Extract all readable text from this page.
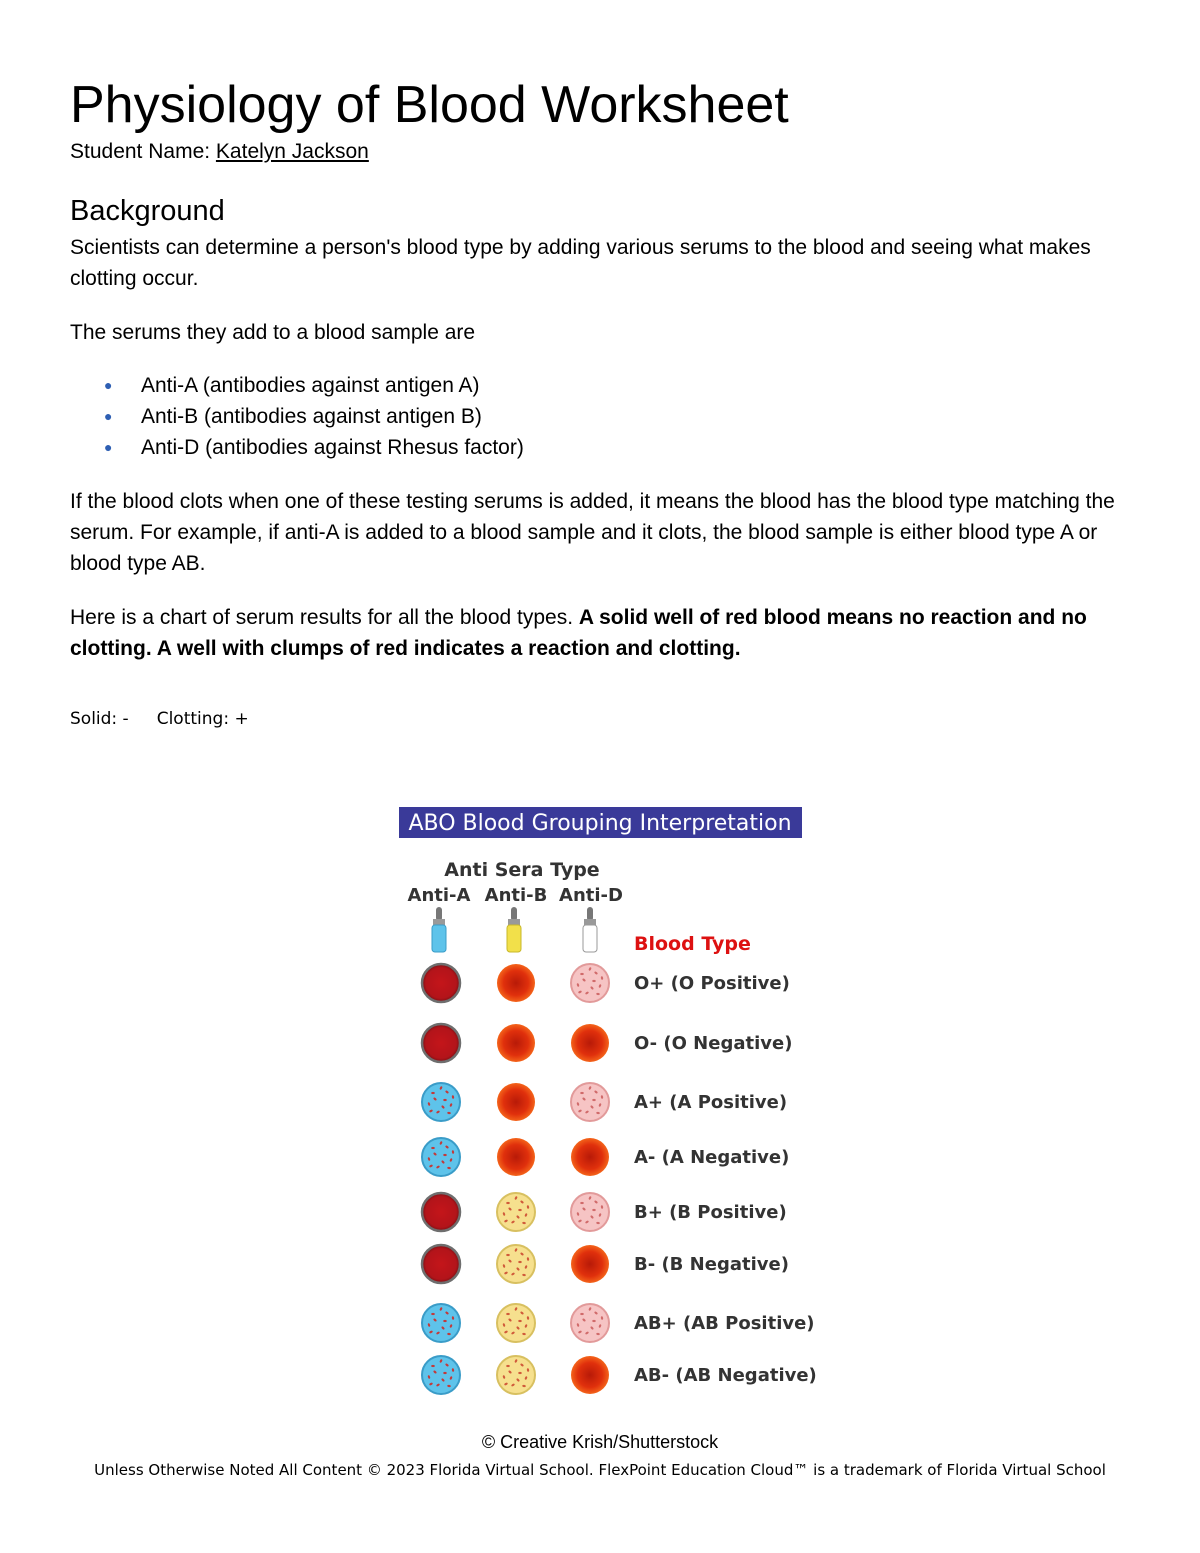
Physiology of Blood Worksheet
Student Name: Katelyn Jackson
Background
Scientists can determine a person's blood type by adding various serums to the blood and seeing what makes clotting occur.
The serums they add to a blood sample are
● Anti-A (antibodies against antigen A)
● Anti-B (antibodies against antigen B)
● Anti-D (antibodies against Rhesus factor)
If the blood clots when one of these testing serums is added, it means the blood has the blood type matching the serum. For example, if anti-A is added to a blood sample and it clots, the blood sample is either blood type A or blood type AB.
Here is a chart of serum results for all the blood types. A solid well of red blood means no reaction and no clotting. A well with clumps of red indicates a reaction and clotting.
Solid: - Clotting: +
ABO Blood Grouping Interpretation
Anti Sera Type
Anti-A Anti-B Anti-D
Blood Type
O+ (O Positive)
O- (O Negative)
A+ (A Positive)
A- (A Negative)
B+ (B Positive)
B- (B Negative)
AB+ (AB Positive)
AB- (AB Negative)
© Creative Krish/Shutterstock
Unless Otherwise Noted All Content © 2023 Florida Virtual School. FlexPoint Education Cloud™ is a trademark of Florida Virtual School
